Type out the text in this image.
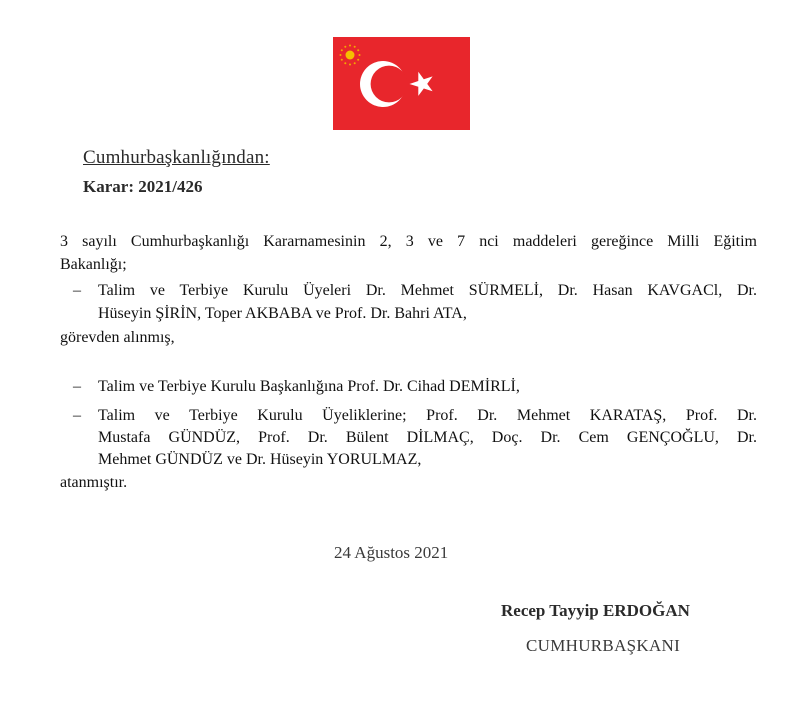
Cumhurbaşkanlığından:
Karar: 2021/426
3 sayılı Cumhurbaşkanlığı Kararnamesinin 2, 3 ve 7 nci maddeleri gereğince Milli Eğitim
Bakanlığı;
– Talim ve Terbiye Kurulu Üyeleri Dr. Mehmet SÜRMELİ, Dr. Hasan KAVGACl, Dr.
Hüseyin ŞİRİN, Toper AKBABA ve Prof. Dr. Bahri ATA,
görevden alınmış,
– Talim ve Terbiye Kurulu Başkanlığına Prof. Dr. Cihad DEMİRLİ,
– Talim ve Terbiye Kurulu Üyeliklerine; Prof. Dr. Mehmet KARATAŞ, Prof. Dr.
Mustafa GÜNDÜZ, Prof. Dr. Bülent DİLMAÇ, Doç. Dr. Cem GENÇOĞLU, Dr.
Mehmet GÜNDÜZ ve Dr. Hüseyin YORULMAZ,
atanmıştır.
24 Ağustos 2021
Recep Tayyip ERDOĞAN
CUMHURBAŞKANI
